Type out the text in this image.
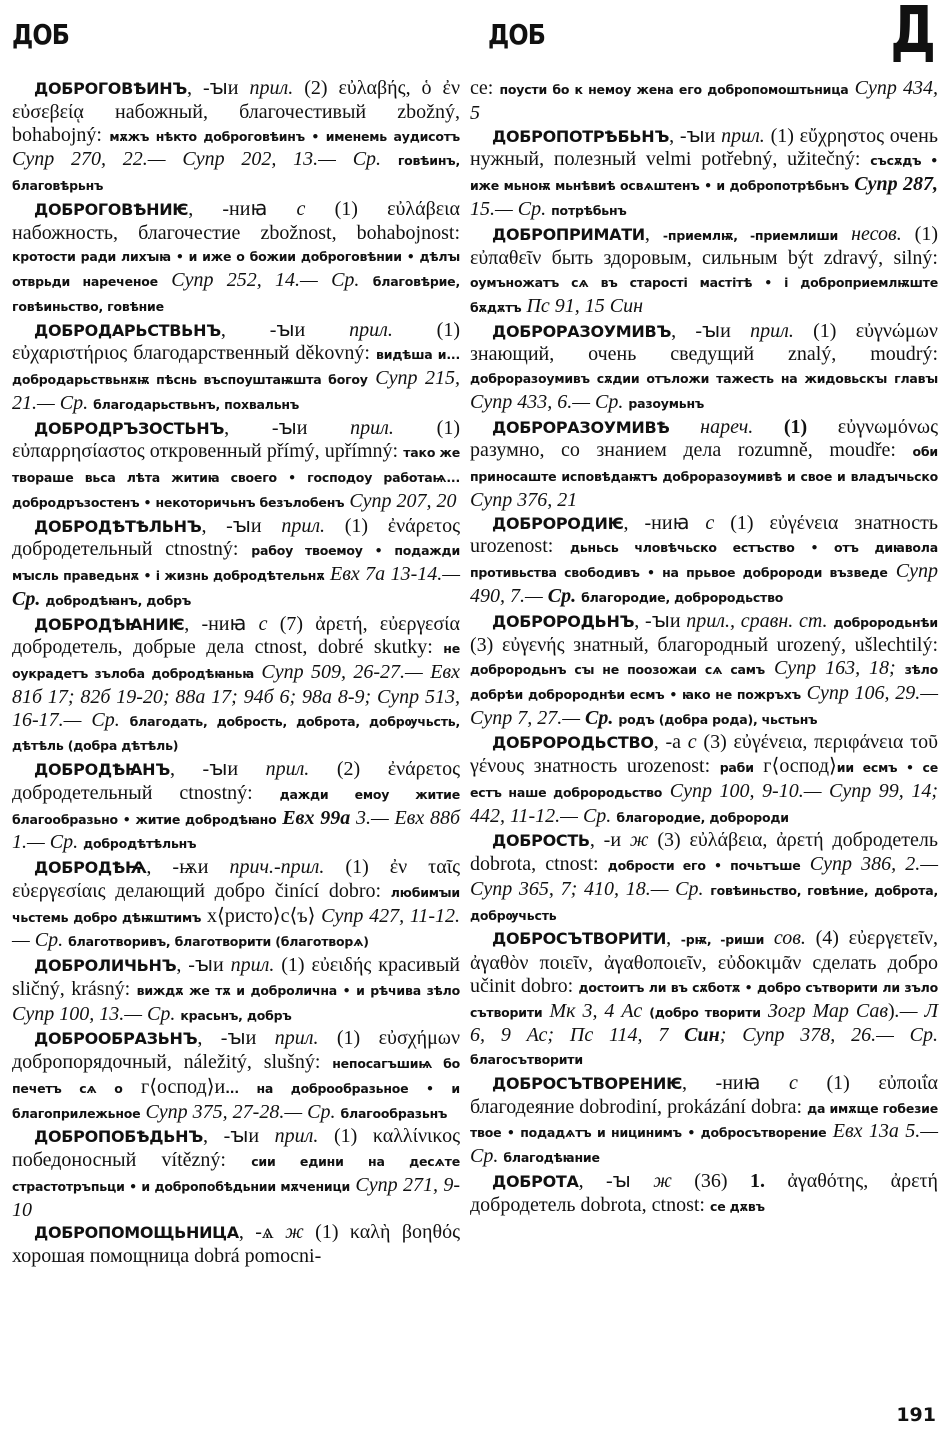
ДОБ	ДОБ	Д

ДОБРОГОВѢИНЪ, -ꙑи прил. (2) εὐλαβής, ὁ ἐν εὐσεβείᾳ набожный, благочестивый zbožný, bohabojný: мѫжъ нѣкто доброговѣинъ • именемь аудисотъ Супр 270, 22.— Супр 202, 13.— Ср. говѣинъ, благовѣрьнъ

ДОБРОГОВѢНИѤ, -ниꙗ с (1) εὐλάβεια набожность, благочестие zbožnost, bohabojnost: кротости ради лихꙑꙗ • и иже о божии доброговѣнии • дѣлꙑ отврьди нареченое Супр 252, 14.— Ср. благовѣрие, говѣиньство, говѣние

ДОБРОДАРЬСТВЬНЪ, -ꙑи прил. (1) εὐχαριστήριος благодарственный děkovný: видѣша и... добродарьствьнѫѭ пѣснь въспоуштаѭшта богоу Супр 215, 21.— Ср. благодарьствьнъ, похвальнъ

ДОБРОДРЪЗОСТЬНЪ, -ꙑи прил. (1) εὐπαρρησίαστος откровенный přímý, upřímný: тако же твораше вьса лѣта житиꙗ своего • господоу работаѩ... добродръзостенъ • некоторичьнъ безълобенъ Супр 207, 20

ДОБРОДѢТѢЛЬНЪ, -ꙑи прил. (1) ἐνάρετος добродетельный ctnostný: рабоу твоемоу • подажди мꙑсль праведьнѫ • і жизнь добродѣтельнѫ Евх 7а 13-14.— Ср. добродѣꙗнъ, добръ

ДОБРОДѢꙖНИѤ, -ниꙗ с (7) ἀρετή, εὐεργεσία добродетель, добрые дела ctnost, dobré skutky: не оукрадетъ зълоба добродѣꙗньꙗ Супр 509, 26-27.— Евх 81б 17; 82б 19-20; 88а 17; 94б 6; 98а 8-9; Супр 513, 16-17.— Ср. благодать, доброcть, доброта, добрѹчьсть, дѣтѣль (добра дѣтѣль)

ДОБРОДѢꙖНЪ, -ꙑи прил. (2) ἐνάρετος добродетельный ctnostný: дажди емоу житие благообразьно • житие добродѣꙗно Евх 99а 3.— Евх 88б 1.— Ср. добродѣтѣльнъ

ДОБРОДѢѨ, -ѭи прич.-прил. (1) ἐν ταῖς εὐεργεσίαις делающий добро činící dobro: любимꙑи чьстемь добро дѣѭштимъ х⟨ристо⟩с⟨ъ⟩ Супр 427, 11-12.— Ср. благотворивъ, благотворити (благотворѧ)

ДОБРОЛИЧЬНЪ, -ꙑи прил. (1) εὐειδής красивый sličný, krásný: виждѫ же тѫ и добролична • и рѣчива зѣло Супр 100, 13.— Ср. красьнъ, добръ

ДОБРООБРАЗЬНЪ, -ꙑи прил. (1) εὐσχήμων добропорядочный, náležitý, slušný: непосагъшиѩ бо печетъ сѧ о г⟨оспод⟩и... на доброобразьное • и благоприлежьное Супр 375, 27-28.— Ср. благообразьнъ

ДОБРОПОБѢДЬНЪ, -ꙑи прил. (1) καλλίνικος победоносный vítězný: сии едини на десѧте страстотръпьци • и добропобѣдьнии мѫченици Супр 271, 9-10

ДОБРОПОМОЩЬНИЦА, -ѧ ж (1) καλὴ βοηθός хорошая помощница dobrá pomocni-

ce: поусти бо к немоу жена его добропомоштьница Супр 434, 5

ДОБРОПОТРѢБЬНЪ, -ꙑи прил. (1) εὔχρηστος очень нужный, полезный velmi potřebný, užitečný: съсѫдъ • иже мьноѭ мьнѣвиѣ освѧштенъ • и добропотрѣбьнъ Супр 287, 15.— Ср. потрѣбьнъ

ДОБРОПРИМАТИ, -приемлѭ, -приемлиши несов. (1) εὐπαθεῖν быть здоровым, сильным být zdravý, silný: оумъножатъ сѧ въ старості мастітѣ • і доброприемлѭште бѫдѫтъ Пс 91, 15 Син

ДОБРОРАЗОУМИВЪ, -ꙑи прил. (1) εὐγνώμων знающий, очень сведущий znalý, moudrý: доброразоумивъ сѫдии отъложи тажесть на жидовьскꙑ главꙑ Супр 433, 6.— Ср. разоумьнъ

ДОБРОРАЗОУМИВѢ нареч. (1) εὐγνωμόνως разумно, со знанием дела rozumně, moudře: оби приносаште исповѣдаѭтъ доброразоумивѣ и свое и владꙑчьско Супр 376, 21

ДОБРОРОДИѤ, -ниꙗ с (1) εὐγένεια знатность urozenost: дьньсь чловѣчьско естъство • отъ диꙗвола противьства свободивъ • на прьвое добророди възведе Супр 490, 7.— Ср. благородие, доброродьство

ДОБРОРОДЬНЪ, -ꙑи прил., сравн. ст. доброродьнѣи (3) εὐγενής знатный, благородный urozený, ušlechtilý: доброродьнъ сꙑ не поозожаи сѧ самъ Супр 163, 18; зѣло добрѣи добророднѣи есмъ • ꙗко не пожръхъ Супр 106, 29.— Супр 7, 27.— Ср. родъ (добра рода), чьстьнъ

ДОБРОРОДЬСТВО, -а с (3) εὐγένεια, περιφάνεια τοῦ γένους знатность urozenost: раби г⟨оспод⟩ии есмъ • се естъ наше доброродьство Супр 100, 9-10.— Супр 99, 14; 442, 11-12.— Ср. благородие, добророди

ДОБРОСТЬ, -и ж (3) εὐλάβεια, ἀρετή добродетель dobrota, ctnost: добрости его • почьтъше Супр 386, 2.— Супр 365, 7; 410, 18.— Ср. говѣиньство, говѣние, доброта, добрѹчьсть

ДОБРОСЪТВОРИТИ, -рѭ, -риши сов. (4) εὐεργετεῖν, ἀγαθὸν ποιεῖν, ἀγαθοποιεῖν, εὐδοκιμᾶν сделать добро učinit dobro: достоитъ ли въ сѫботѫ • добро сътворити ли зъло сътворити Мк 3, 4 Ас (добро творити Зогр Мар Сав).— Л 6, 9 Ас; Пс 114, 7 Син; Супр 378, 26.— Ср. благосътворити

ДОБРОСЪТВОРЕНИѤ, -ниꙗ с (1) εὐποιΐα благодеяние dobrodiní, prokázání dobra: да имѫще гобезие твое • подадѧтъ и ницинимъ • добросътворение Евх 13а 5.— Ср. благодѣꙗние

ДОБРОТА, -ꙑ ж (36) 1. ἀγαθότης, ἀρετή добродетель dobrota, ctnost: се дѫвъ

191
